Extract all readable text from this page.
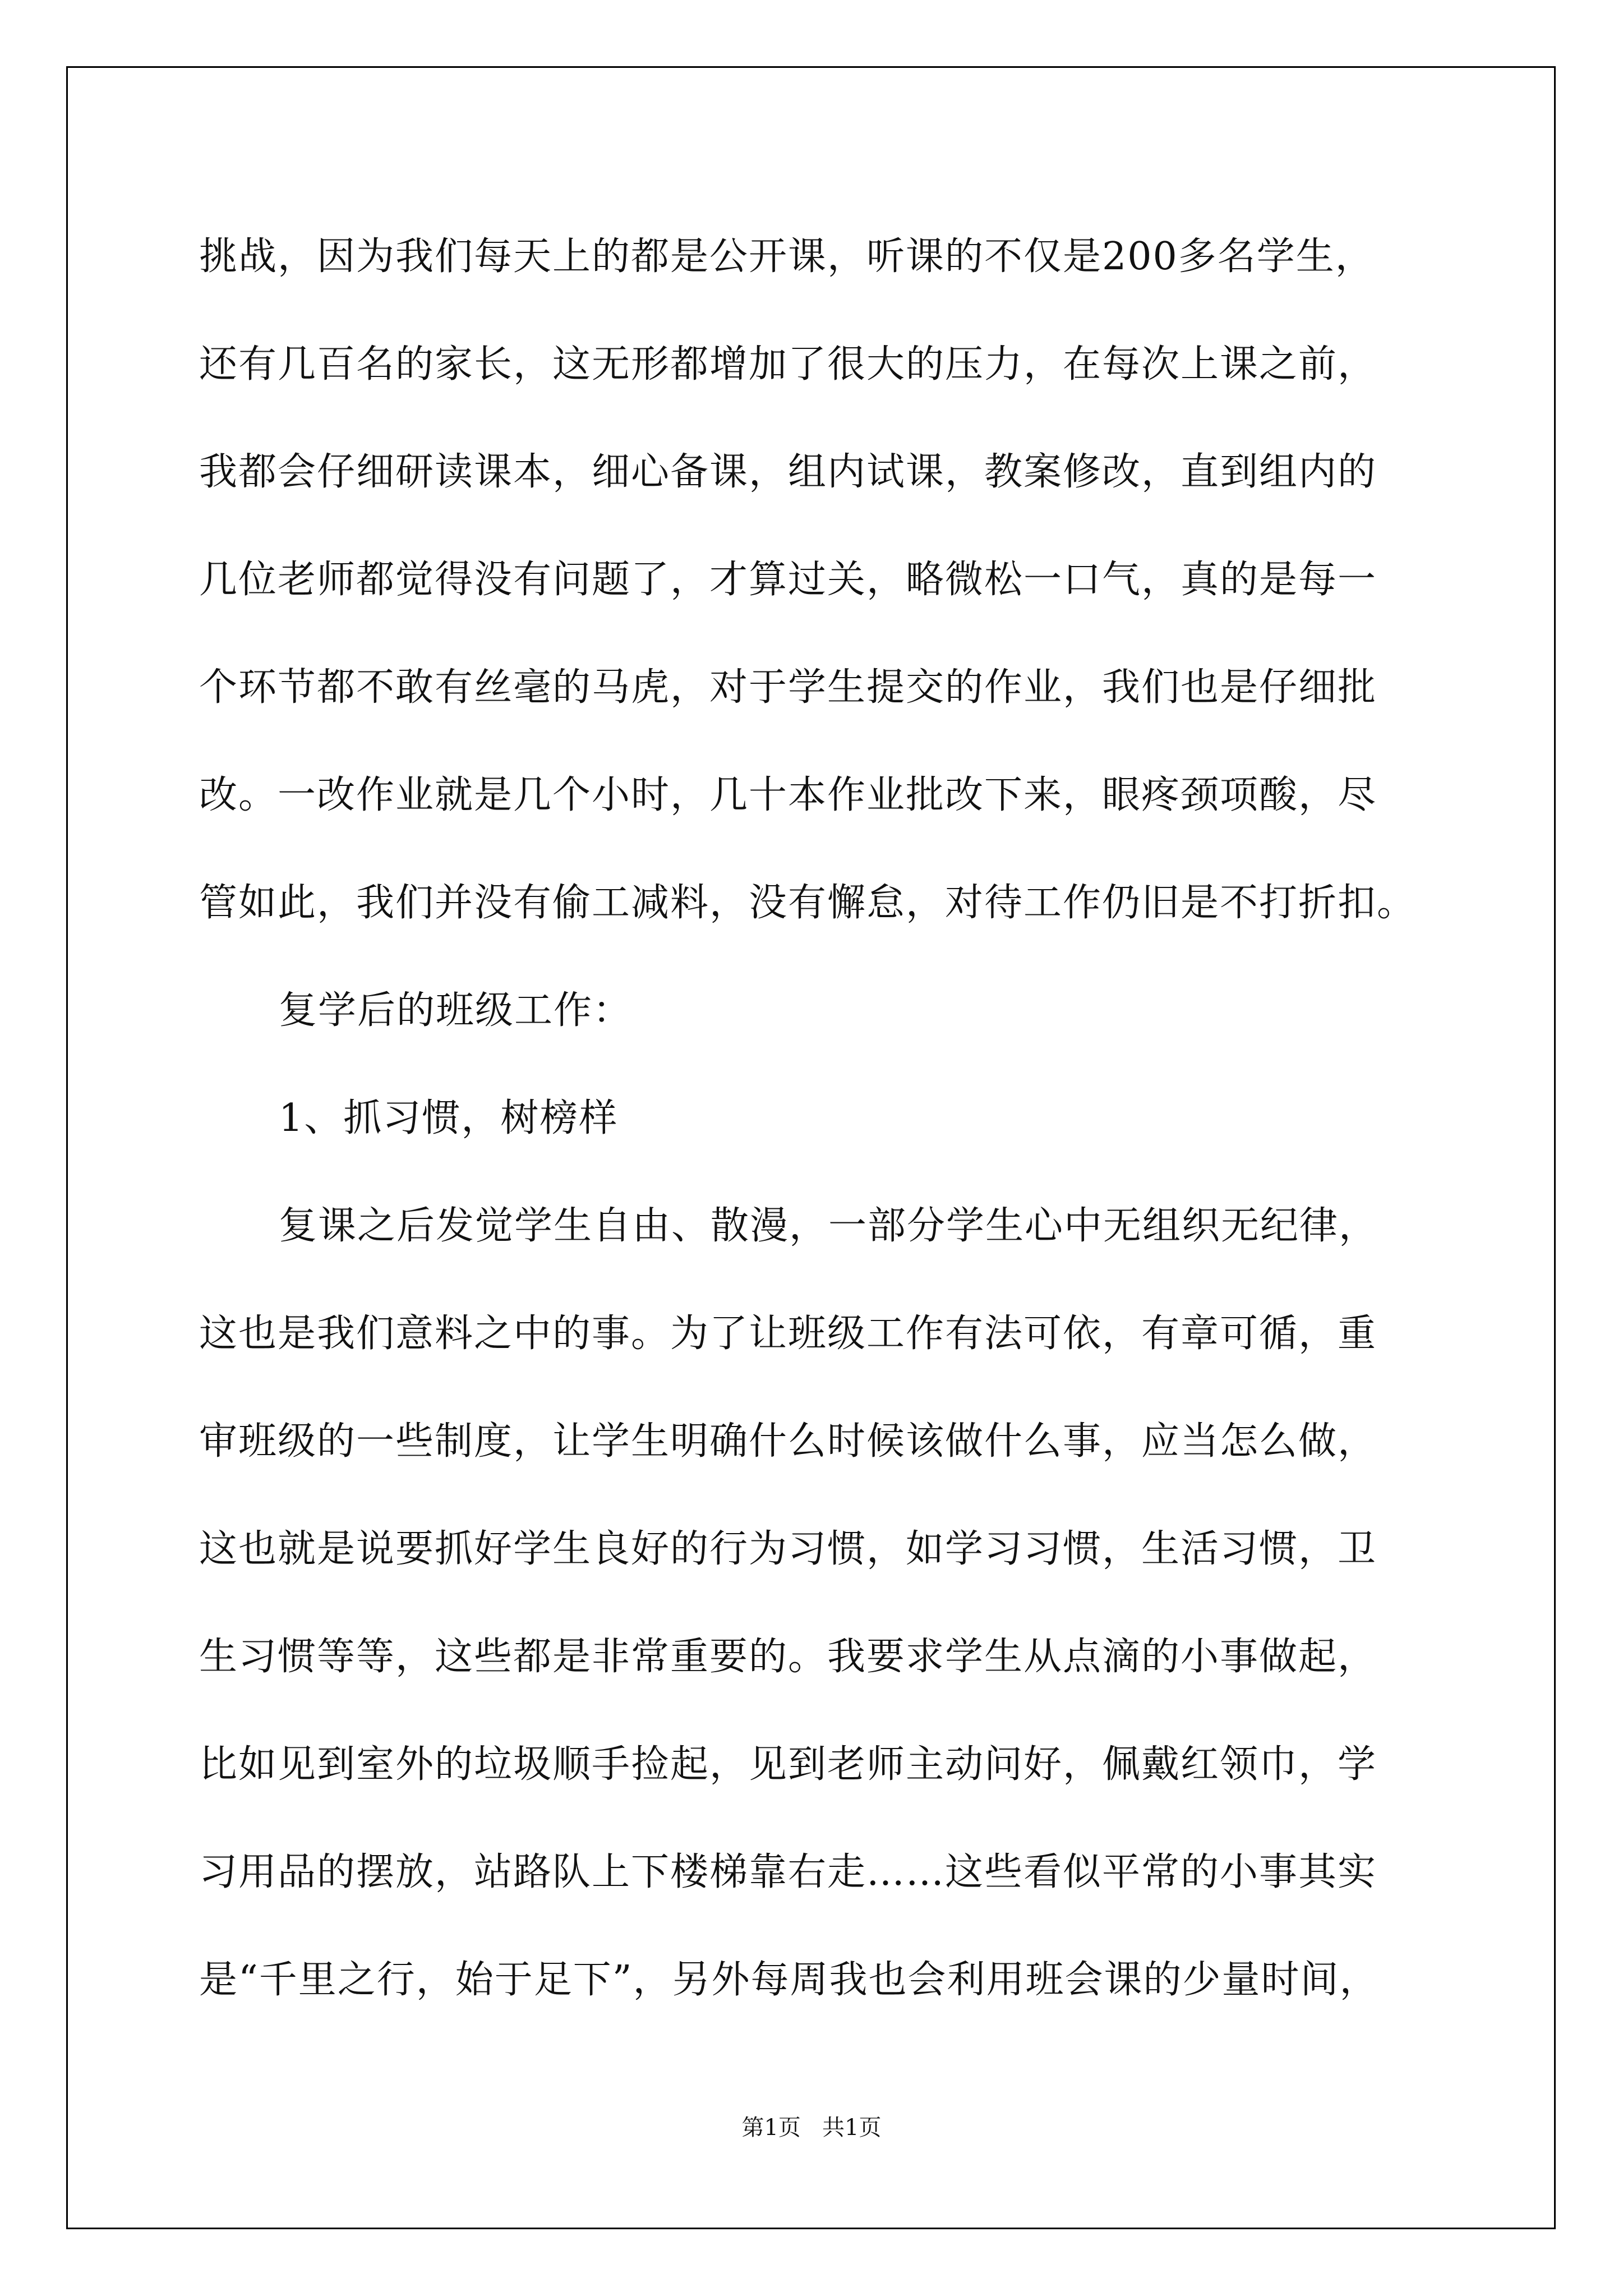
挑战，因为我们每天上的都是公开课，听课的不仅是200多名学生，
还有几百名的家长，这无形都增加了很大的压力，在每次上课之前，
我都会仔细研读课本，细心备课，组内试课，教案修改，直到组内的
几位老师都觉得没有问题了，才算过关，略微松一口气，真的是每一
个环节都不敢有丝毫的马虎，对于学生提交的作业，我们也是仔细批
改。一改作业就是几个小时，几十本作业批改下来，眼疼颈项酸，尽
管如此，我们并没有偷工减料，没有懈怠，对待工作仍旧是不打折扣。
复学后的班级工作：
1、抓习惯，树榜样
复课之后发觉学生自由、散漫，一部分学生心中无组织无纪律，
这也是我们意料之中的事。为了让班级工作有法可依，有章可循，重
审班级的一些制度，让学生明确什么时候该做什么事，应当怎么做，
这也就是说要抓好学生良好的行为习惯，如学习习惯，生活习惯，卫
生习惯等等，这些都是非常重要的。我要求学生从点滴的小事做起，
比如见到室外的垃圾顺手捡起，见到老师主动问好，佩戴红领巾，学
习用品的摆放，站路队上下楼梯靠右走……这些看似平常的小事其实
是“千里之行，始于足下”，另外每周我也会利用班会课的少量时间，
第1页   共1页
